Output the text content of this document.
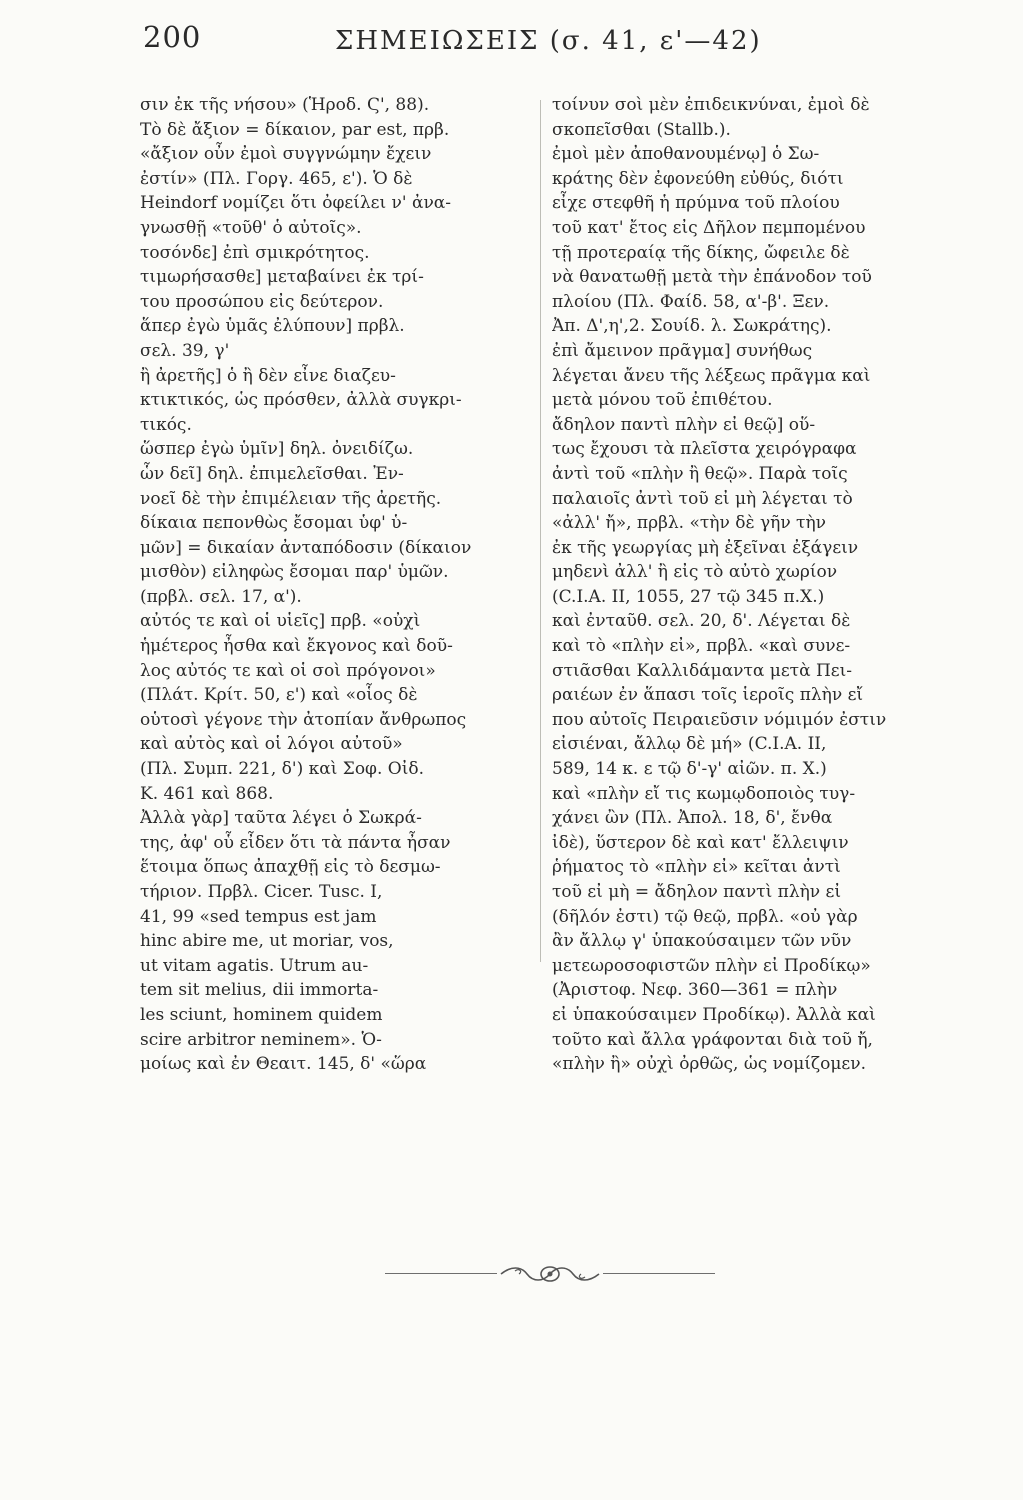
200	ΣΗΜΕΙΩΣΕΙΣ (σ. 41, ε'—42)
σιν ἐκ τῆς νήσου» (Ἡροδ. Ϛ', 88).
Τὸ δὲ ἄξιον = δίκαιον, par est, πρβ.
«ἄξιον οὖν ἐμοὶ συγγνώμην ἔχειν
ἐστίν» (Πλ. Γοργ. 465, ε'). Ὁ δὲ
Heindorf νομίζει ὅτι ὀφείλει ν' ἀνα-
γνωσθῇ «τοῦθ' ὁ αὐτοῖς».
τοσόνδε] ἐπὶ σμικρότητος.
τιμωρήσασθε] μεταβαίνει ἐκ τρί-
του προσώπου εἰς δεύτερον.
ἅπερ ἐγὼ ὑμᾶς ἐλύπουν] πρβλ.
σελ. 39, γ'
ἢ ἀρετῆς] ὁ ἢ δὲν εἶνε διαζευ-
κτικτικός, ὡς πρόσθεν, ἀλλὰ συγκρι-
τικός.
ὥσπερ ἐγὼ ὑμῖν] δηλ. ὀνειδίζω.
ὧν δεῖ] δηλ. ἐπιμελεῖσθαι. Ἐν-
νοεῖ δὲ τὴν ἐπιμέλειαν τῆς ἀρετῆς.
δίκαια πεπονθὼς ἔσομαι ὑφ' ὑ-
μῶν] = δικαίαν ἀνταπόδοσιν (δίκαιον
μισθὸν) εἰληφὼς ἔσομαι παρ' ὑμῶν.
(πρβλ. σελ. 17, α').
αὐτός τε καὶ οἱ υἱεῖς] πρβ. «οὐχὶ
ἡμέτερος ἦσθα καὶ ἔκγονος καὶ δοῦ-
λος αὐτός τε καὶ οἱ σοὶ πρόγονοι»
(Πλάτ. Κρίτ. 50, ε') καὶ «οἷος δὲ
οὑτοσὶ γέγονε τὴν ἀτοπίαν ἄνθρωπος
καὶ αὐτὸς καὶ οἱ λόγοι αὐτοῦ»
(Πλ. Συμπ. 221, δ') καὶ Σοφ. Οἰδ.
Κ. 461 καὶ 868.
Ἀλλὰ γὰρ] ταῦτα λέγει ὁ Σωκρά-
της, ἀφ' οὗ εἶδεν ὅτι τὰ πάντα ἦσαν
ἕτοιμα ὅπως ἀπαχθῇ εἰς τὸ δεσμω-
τήριον. Πρβλ. Cicer. Tusc. I,
41, 99 «sed tempus est jam
hinc abire me, ut moriar, vos,
ut vitam agatis. Utrum au-
tem sit melius, dii immorta-
les sciunt, hominem quidem
scire arbitror neminem». Ὁ-
μοίως καὶ ἐν Θεαιτ. 145, δ' «ὥρα
τοίνυν σοὶ μὲν ἐπιδεικνύναι, ἐμοὶ δὲ
σκοπεῖσθαι (Stallb.).
ἐμοὶ μὲν ἀποθανουμένῳ] ὁ Σω-
κράτης δὲν ἐφονεύθη εὐθύς, διότι
εἶχε στεφθῆ ἡ πρύμνα τοῦ πλοίου
τοῦ κατ' ἔτος εἰς Δῆλον πεμπομένου
τῇ προτεραίᾳ τῆς δίκης, ὤφειλε δὲ
νὰ θανατωθῇ μετὰ τὴν ἐπάνοδον τοῦ
πλοίου (Πλ. Φαίδ. 58, α'-β'. Ξεν.
Ἀπ. Δ',η',2. Σουίδ. λ. Σωκράτης).
ἐπὶ ἄμεινον πρᾶγμα] συνήθως
λέγεται ἄνευ τῆς λέξεως πρᾶγμα καὶ
μετὰ μόνου τοῦ ἐπιθέτου.
ἄδηλον παντὶ πλὴν εἰ θεῷ] οὕ-
τως ἔχουσι τὰ πλεῖστα χειρόγραφα
ἀντὶ τοῦ «πλὴν ἢ θεῷ». Παρὰ τοῖς
παλαιοῖς ἀντὶ τοῦ εἰ μὴ λέγεται τὸ
«ἀλλ' ἤ», πρβλ. «τὴν δὲ γῆν τὴν
ἐκ τῆς γεωργίας μὴ ἐξεῖναι ἐξάγειν
μηδενὶ ἀλλ' ἢ εἰς τὸ αὐτὸ χωρίον
(C.I.A. II, 1055, 27 τῷ 345 π.Χ.)
καὶ ἐνταῦθ. σελ. 20, δ'. Λέγεται δὲ
καὶ τὸ «πλὴν εἰ», πρβλ. «καὶ συνε-
στιᾶσθαι Καλλιδάμαντα μετὰ Πει-
ραιέων ἐν ἅπασι τοῖς ἱεροῖς πλὴν εἴ
που αὐτοῖς Πειραιεῦσιν νόμιμόν ἐστιν
εἰσιέναι, ἄλλῳ δὲ μή» (C.I.A. II,
589, 14 κ. ε τῷ δ'-γ' αἰῶν. π. Χ.)
καὶ «πλὴν εἴ τις κωμῳδοποιὸς τυγ-
χάνει ὢν (Πλ. Ἀπολ. 18, δ', ἔνθα
ἰδὲ), ὕστερον δὲ καὶ κατ' ἔλλειψιν
ῥήματος τὸ «πλὴν εἰ» κεῖται ἀντὶ
τοῦ εἰ μὴ = ἄδηλον παντὶ πλὴν εἰ
(δῆλόν ἐστι) τῷ θεῷ, πρβλ. «οὐ γὰρ
ἂν ἄλλῳ γ' ὑπακούσαιμεν τῶν νῦν
μετεωροσοφιστῶν πλὴν εἰ Προδίκῳ»
(Ἀριστοφ. Νεφ. 360—361 = πλὴν
εἰ ὑπακούσαιμεν Προδίκῳ). Ἀλλὰ καὶ
τοῦτο καὶ ἄλλα γράφονται διὰ τοῦ ἤ,
«πλὴν ἢ» οὐχὶ ὀρθῶς, ὡς νομίζομεν.
